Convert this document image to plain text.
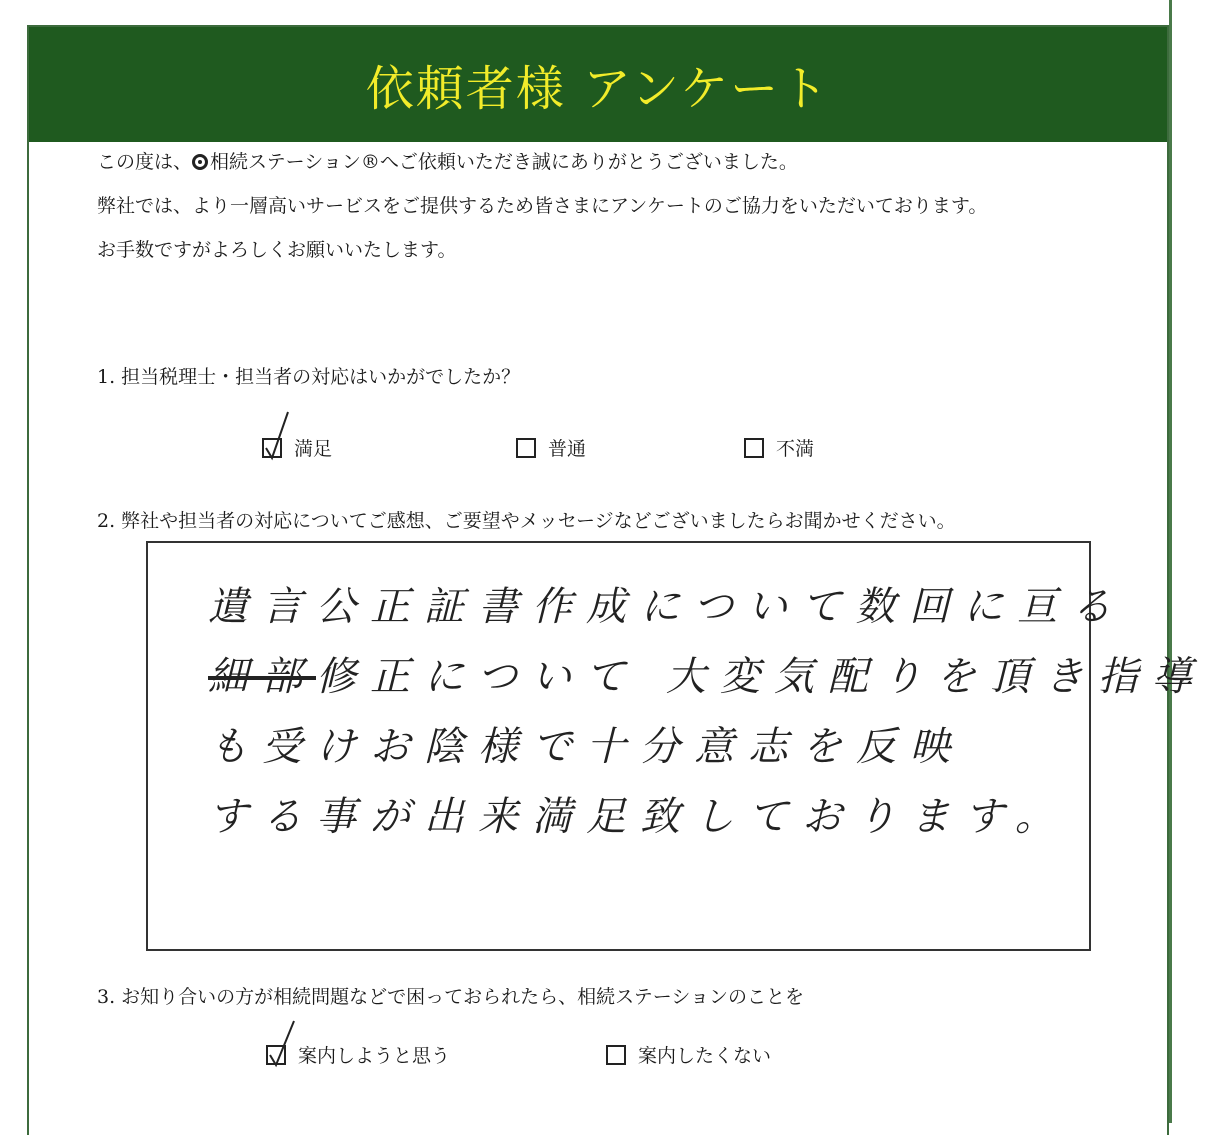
依頼者様 アンケート

この度は、 相続ステーション®へご依頼いただき誠にありがとうございました。

弊社では、より一層高いサービスをご提供するため皆さまにアンケートのご協力をいただいております。

お手数ですがよろしくお願いいたします。

1. 担当税理士・担当者の対応はいかがでしたか？
満足	普通	不満
2. 弊社や担当者の対応についてご感想、ご要望やメッセージなどございましたらお聞かせください。
遺言公正証書作成について数回に亘る
細部修正について 大変気配りを頂き指導
も受けお陰様で十分意志を反映
する事が出来満足致しております。
3. お知り合いの方が相続問題などで困っておられたら、相続ステーションのことを
案内しようと思う	案内したくない
